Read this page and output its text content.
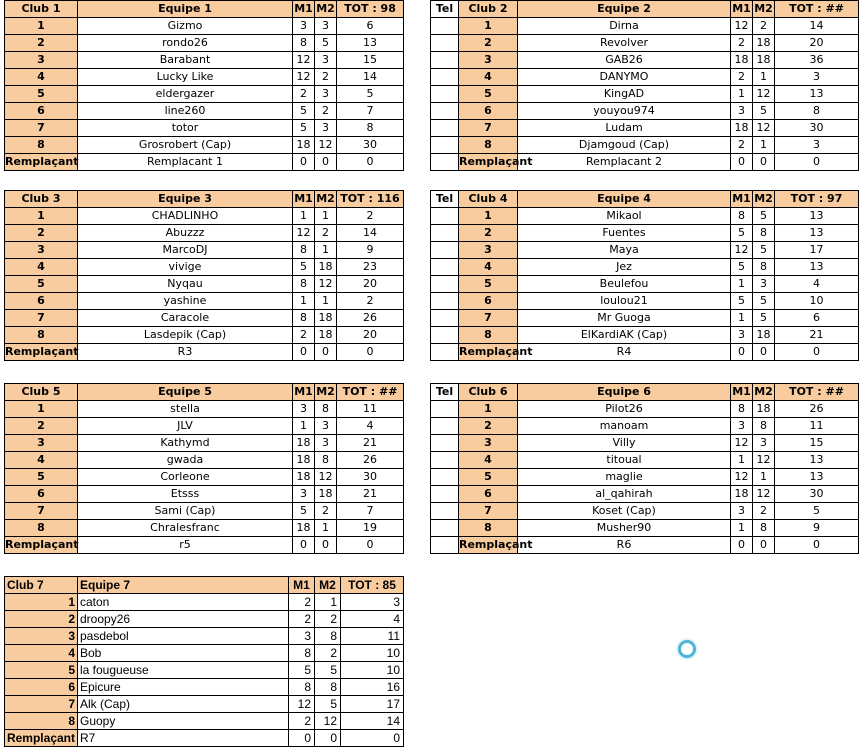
Club 1	Equipe 1	M1	M2	TOT : 98
1	Gizmo	3	3	6
2	rondo26	8	5	13
3	Barabant	12	3	15
4	Lucky Like	12	2	14
5	eldergazer	2	3	5
6	line260	5	2	7
7	totor	5	3	8
8	Grosrobert (Cap)	18	12	30
Remplaçant	Remplacant 1	0	0	0
Tel	Club 2	Equipe 2	M1	M2	TOT : ##
	1	Dirna	12	2	14
	2	Revolver	2	18	20
	3	GAB26	18	18	36
	4	DANYMO	2	1	3
	5	KingAD	1	12	13
	6	youyou974	3	5	8
	7	Ludam	18	12	30
	8	Djamgoud (Cap)	2	1	3
	Remplaçant	Remplacant 2	0	0	0
Club 3	Equipe 3	M1	M2	TOT : 116
1	CHADLINHO	1	1	2
2	Abuzzz	12	2	14
3	MarcoDJ	8	1	9
4	vivige	5	18	23
5	Nyqau	8	12	20
6	yashine	1	1	2
7	Caracole	8	18	26
8	Lasdepik (Cap)	2	18	20
Remplaçant	R3	0	0	0
Tel	Club 4	Equipe 4	M1	M2	TOT : 97
	1	Mikaol	8	5	13
	2	Fuentes	5	8	13
	3	Maya	12	5	17
	4	Jez	5	8	13
	5	Beulefou	1	3	4
	6	loulou21	5	5	10
	7	Mr Guoga	1	5	6
	8	ElKardiAK (Cap)	3	18	21
	Remplaçant	R4	0	0	0
Club 5	Equipe 5	M1	M2	TOT : ##
1	stella	3	8	11
2	JLV	1	3	4
3	Kathymd	18	3	21
4	gwada	18	8	26
5	Corleone	18	12	30
6	Etsss	3	18	21
7	Sami (Cap)	5	2	7
8	Chralesfranc	18	1	19
Remplaçant	r5	0	0	0
Tel	Club 6	Equipe 6	M1	M2	TOT : ##
	1	Pilot26	8	18	26
	2	manoam	3	8	11
	3	Villy	12	3	15
	4	titoual	1	12	13
	5	maglie	12	1	13
	6	al_qahirah	18	12	30
	7	Koset (Cap)	3	2	5
	8	Musher90	1	8	9
	Remplaçant	R6	0	0	0
Club 7	Equipe 7	M1	M2	TOT : 85
1	caton	2	1	3
2	droopy26	2	2	4
3	pasdebol	3	8	11
4	Bob	8	2	10
5	la fougueuse	5	5	10
6	Epicure	8	8	16
7	Alk (Cap)	12	5	17
8	Guopy	2	12	14
Remplaçant	R7	0	0	0
